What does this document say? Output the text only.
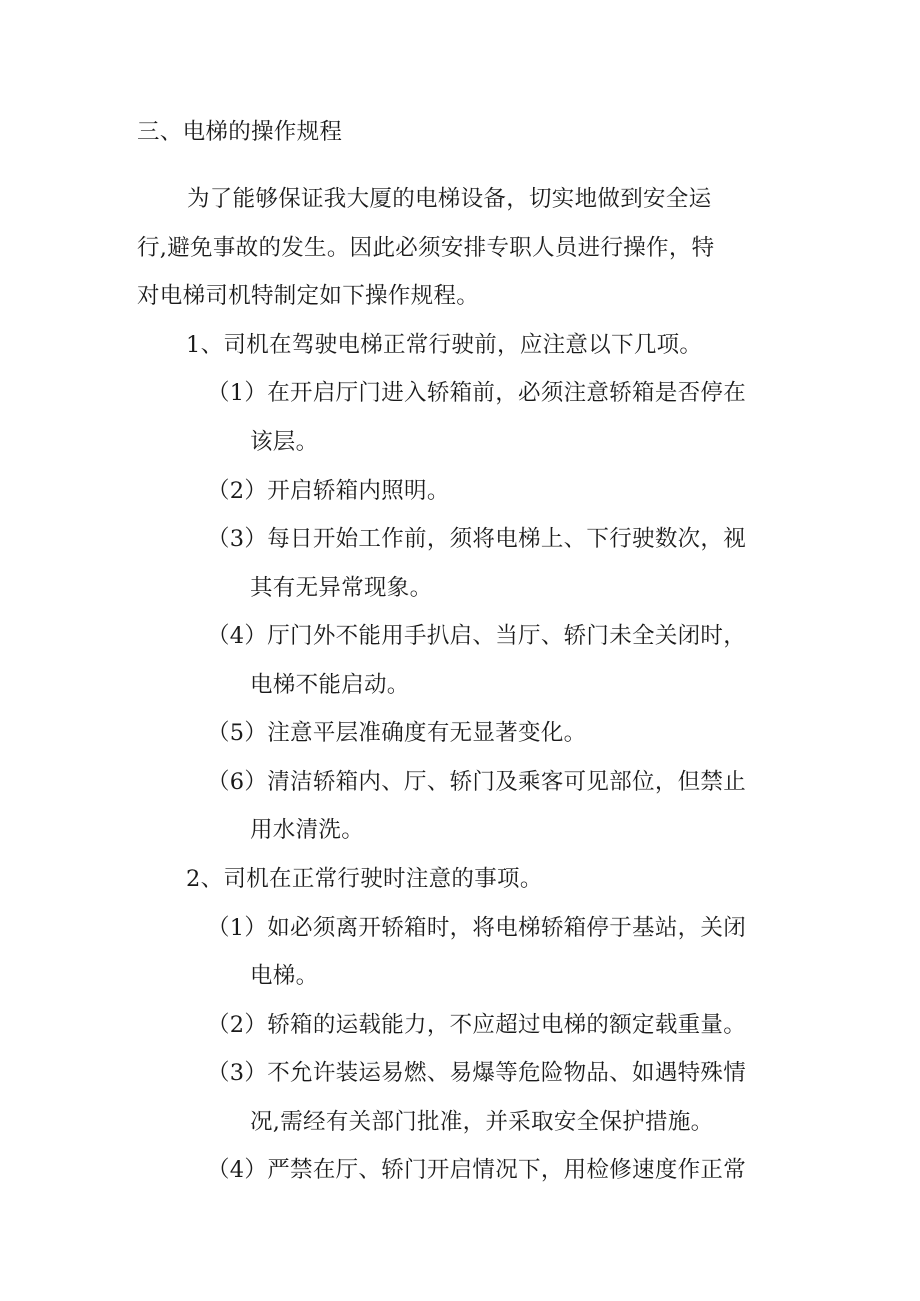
三、电梯的操作规程
为了能够保证我大厦的电梯设备，切实地做到安全运
行,避免事故的发生。因此必须安排专职人员进行操作，特
对电梯司机特制定如下操作规程。
1、司机在驾驶电梯正常行驶前，应注意以下几项。
（1）在开启厅门进入轿箱前，必须注意轿箱是否停在
该层。
（2）开启轿箱内照明。
（3）每日开始工作前，须将电梯上、下行驶数次，视
其有无异常现象。
（4）厅门外不能用手扒启、当厅、轿门未全关闭时，
电梯不能启动。
（5）注意平层准确度有无显著变化。
（6）清洁轿箱内、厅、轿门及乘客可见部位，但禁止
用水清洗。
2、司机在正常行驶时注意的事项。
（1）如必须离开轿箱时，将电梯轿箱停于基站，关闭
电梯。
（2）轿箱的运载能力，不应超过电梯的额定载重量。
（3）不允许装运易燃、易爆等危险物品、如遇特殊情
况,需经有关部门批准，并采取安全保护措施。
（4）严禁在厅、轿门开启情况下，用检修速度作正常
